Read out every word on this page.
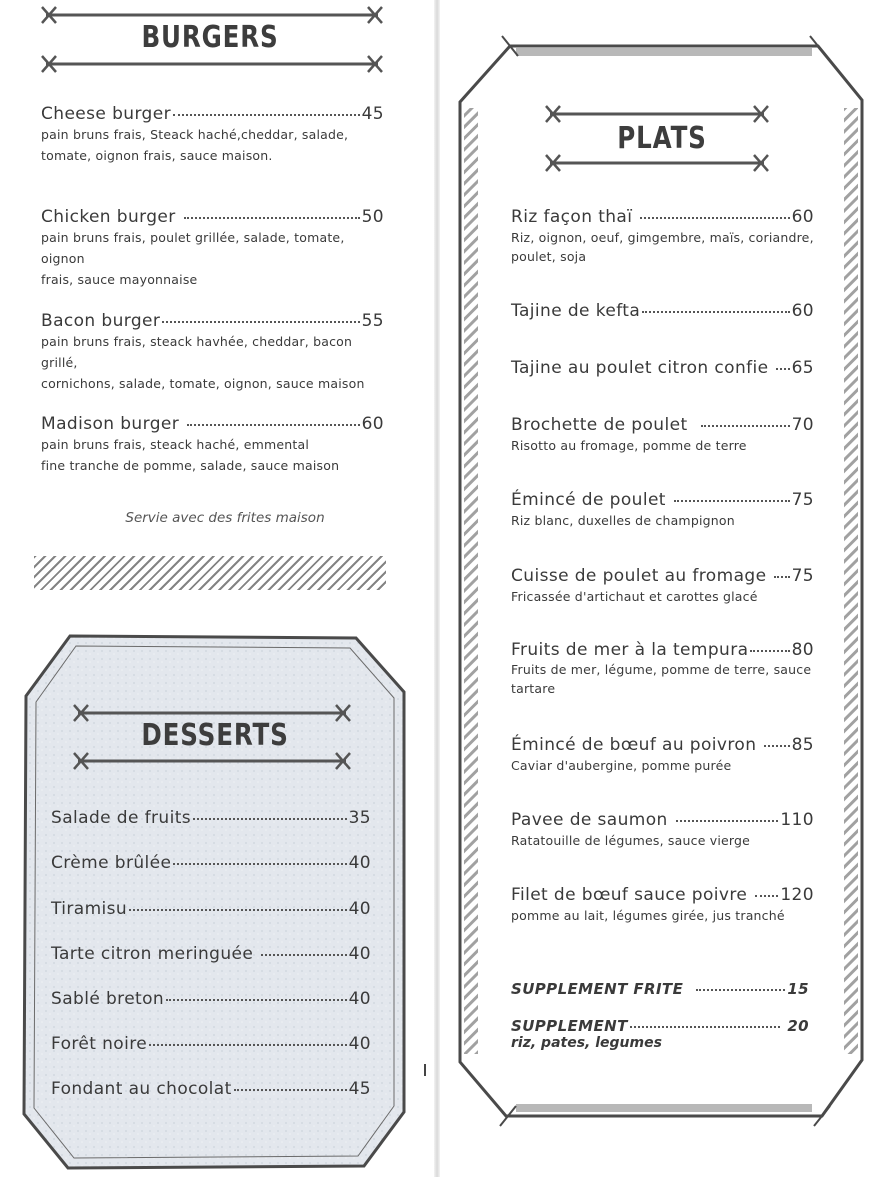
BURGERS
Cheese burger	45
pain bruns frais, Steack haché,cheddar, salade,
tomate, oignon frais, sauce maison.
Chicken burger	50
pain bruns frais, poulet grillée, salade, tomate, oignon
frais, sauce mayonnaise
Bacon burger	55
pain bruns frais, steack havhée, cheddar, bacon grillé,
cornichons, salade, tomate, oignon, sauce maison
Madison burger	60
pain bruns frais, steack haché, emmental
fine tranche de pomme, salade, sauce maison
Servie avec des frites maison
DESSERTS
Salade de fruits	35
Crème brûlée	40
Tiramisu	40
Tarte citron meringuée	40
Sablé breton	40
Forêt noire	40
Fondant au chocolat	45
PLATS
Riz façon thaï	60
Riz, oignon, oeuf, gimgembre, maïs, coriandre,
poulet, soja
Tajine de kefta	60
Tajine au poulet citron confie 65
Brochette de poulet	70
Risotto au fromage, pomme de terre
Émincé de poulet	75
Riz blanc, duxelles de champignon
Cuisse de poulet au fromage 75
Fricassée d'artichaut et carottes glacé
Fruits de mer à la tempura	80
Fruits de mer, légume, pomme de terre, sauce
tartare
Émincé de bœuf au poivron 85
Caviar d'aubergine, pomme purée
Pavee de saumon	110
Ratatouille de légumes, sauce vierge
Filet de bœuf sauce poivre 120
pomme au lait, légumes girée, jus tranché
SUPPLEMENT FRITE	15
SUPPLEMENT	20
riz, pates, legumes
